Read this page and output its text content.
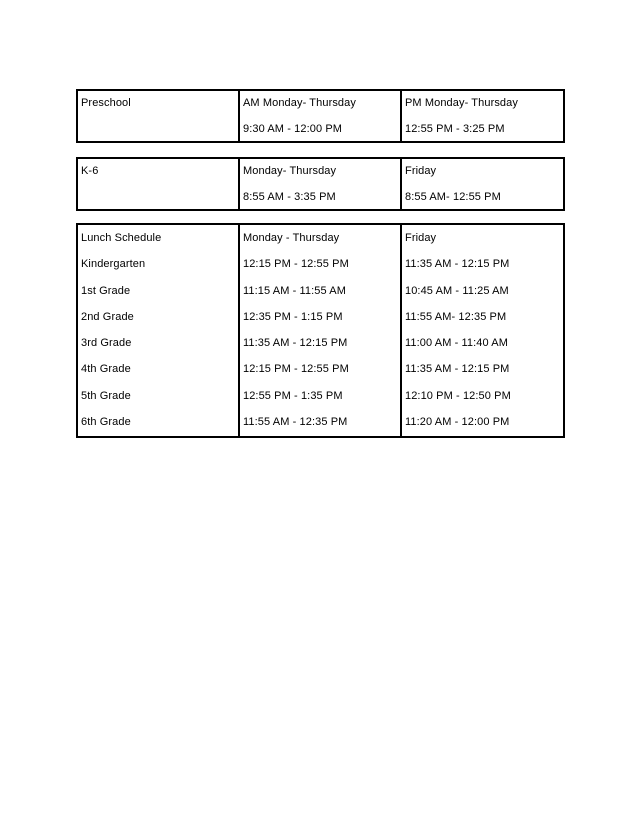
Preschool	AM Monday- Thursday	PM Monday- Thursday
	9:30 AM - 12:00 PM	12:55 PM - 3:25 PM
K-6	Monday- Thursday	Friday
	8:55 AM - 3:35 PM	8:55 AM- 12:55 PM
Lunch Schedule	Monday - Thursday	Friday
Kindergarten	12:15 PM - 12:55 PM	11:35 AM - 12:15 PM
1st Grade	11:15 AM - 11:55 AM	10:45 AM - 11:25 AM
2nd Grade	12:35 PM - 1:15 PM	11:55 AM- 12:35 PM
3rd Grade	11:35 AM - 12:15 PM	11:00 AM - 11:40 AM
4th Grade	12:15 PM - 12:55 PM	11:35 AM - 12:15 PM
5th Grade	12:55 PM - 1:35 PM	12:10 PM - 12:50 PM
6th Grade	11:55 AM - 12:35 PM	11:20 AM - 12:00 PM
